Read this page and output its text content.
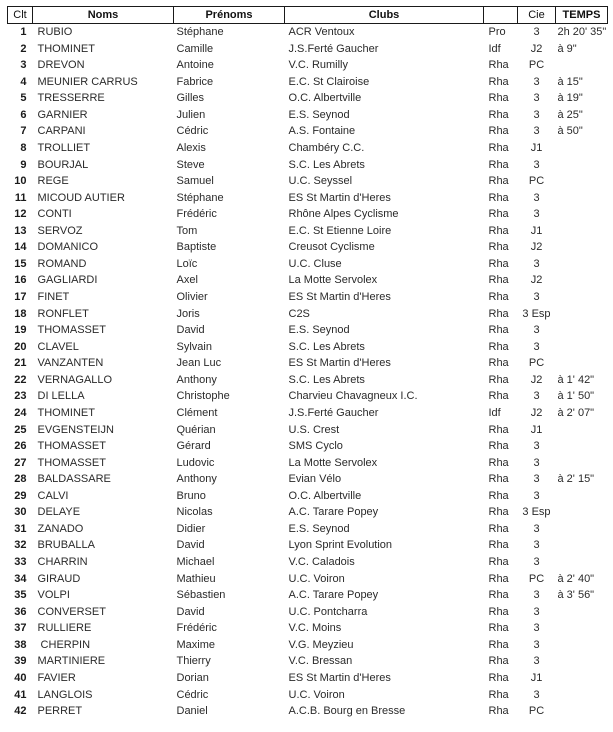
Clt	Noms	Prénoms	Clubs		Cie	TEMPS
1	RUBIO	Stéphane	ACR Ventoux	Pro	3	2h 20' 35"
2	THOMINET	Camille	J.S.Ferté Gaucher	Idf	J2	à 9"
3	DREVON	Antoine	V.C. Rumilly	Rha	PC	
4	MEUNIER CARRUS	Fabrice	E.C. St Clairoise	Rha	3	à 15"
5	TRESSERRE	Gilles	O.C. Albertville	Rha	3	à 19"
6	GARNIER	Julien	E.S. Seynod	Rha	3	à 25"
7	CARPANI	Cédric	A.S. Fontaine	Rha	3	à 50"
8	TROLLIET	Alexis	Chambéry C.C.	Rha	J1	
9	BOURJAL	Steve	S.C. Les Abrets	Rha	3	
10	REGE	Samuel	U.C. Seyssel	Rha	PC	
11	MICOUD AUTIER	Stéphane	ES St Martin d'Heres	Rha	3	
12	CONTI	Frédéric	Rhône Alpes Cyclisme	Rha	3	
13	SERVOZ	Tom	E.C. St Etienne Loire	Rha	J1	
14	DOMANICO	Baptiste	Creusot Cyclisme	Rha	J2	
15	ROMAND	Loïc	U.C. Cluse	Rha	3	
16	GAGLIARDI	Axel	La Motte Servolex	Rha	J2	
17	FINET	Olivier	ES St Martin d'Heres	Rha	3	
18	RONFLET	Joris	C2S	Rha	3 Esp	
19	THOMASSET	David	E.S. Seynod	Rha	3	
20	CLAVEL	Sylvain	S.C. Les Abrets	Rha	3	
21	VANZANTEN	Jean Luc	ES St Martin d'Heres	Rha	PC	
22	VERNAGALLO	Anthony	S.C. Les Abrets	Rha	J2	à 1' 42"
23	DI LELLA	Christophe	Charvieu Chavagneux I.C.	Rha	3	à 1' 50"
24	THOMINET	Clément	J.S.Ferté Gaucher	Idf	J2	à 2' 07"
25	EVGENSTEIJN	Quérian	U.S. Crest	Rha	J1	
26	THOMASSET	Gérard	SMS Cyclo	Rha	3	
27	THOMASSET	Ludovic	La Motte Servolex	Rha	3	
28	BALDASSARE	Anthony	Evian Vélo	Rha	3	à 2' 15"
29	CALVI	Bruno	O.C. Albertville	Rha	3	
30	DELAYE	Nicolas	A.C. Tarare Popey	Rha	3 Esp	
31	ZANADO	Didier	E.S. Seynod	Rha	3	
32	BRUBALLA	David	Lyon Sprint Evolution	Rha	3	
33	CHARRIN	Michael	V.C. Caladois	Rha	3	
34	GIRAUD	Mathieu	U.C. Voiron	Rha	PC	à 2' 40"
35	VOLPI	Sébastien	A.C. Tarare Popey	Rha	3	à 3' 56"
36	CONVERSET	David	U.C. Pontcharra	Rha	3	
37	RULLIERE	Frédéric	V.C. Moins	Rha	3	
38	CHERPIN	Maxime	V.G. Meyzieu	Rha	3	
39	MARTINIERE	Thierry	V.C. Bressan	Rha	3	
40	FAVIER	Dorian	ES St Martin d'Heres	Rha	J1	
41	LANGLOIS	Cédric	U.C. Voiron	Rha	3	
42	PERRET	Daniel	A.C.B. Bourg en Bresse	Rha	PC	
